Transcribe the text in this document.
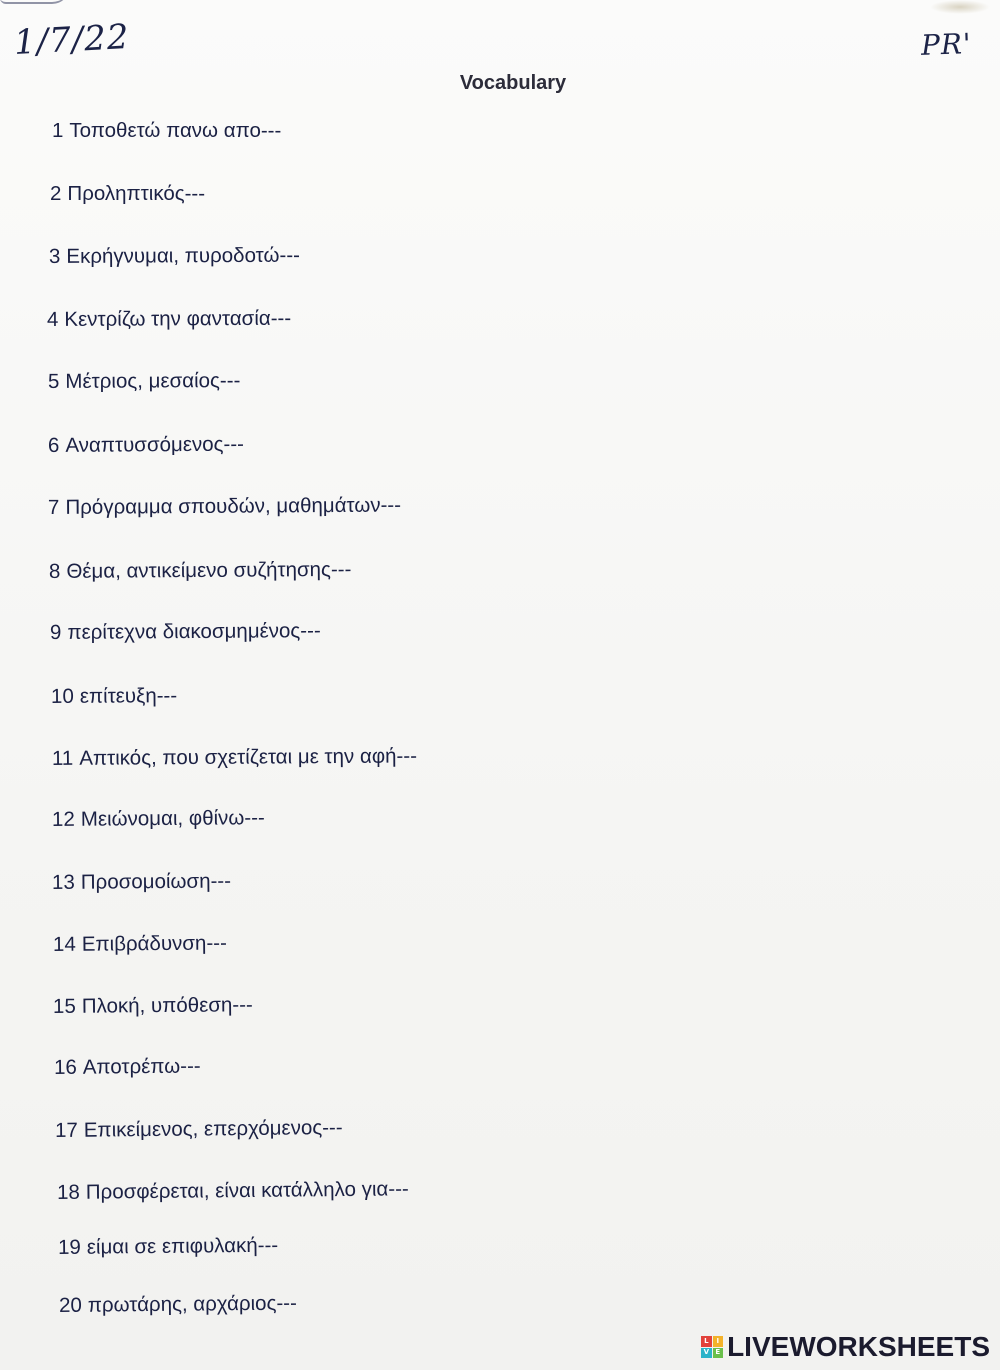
1/7/22	PR'
Vocabulary
1 Τοποθετώ πανω απο---
2 Προληπτικός---
3 Εκρήγνυμαι, πυροδοτώ---
4 Κεντρίζω την φαντασία---
5 Μέτριος, μεσαίος---
6 Αναπτυσσόμενος---
7 Πρόγραμμα σπουδών, μαθημάτων---
8 Θέμα, αντικείμενο συζήτησης---
9 περίτεχνα διακοσμημένος---
10 επίτευξη---
11 Απτικός, που σχετίζεται με την αφή---
12 Μειώνομαι, φθίνω---
13 Προσομοίωση---
14 Επιβράδυνση---
15 Πλοκή, υπόθεση---
16 Αποτρέπω---
17 Επικείμενος, επερχόμενος---
18 Προσφέρεται, είναι κατάλληλο για---
19 είμαι σε επιφυλακή---
20 πρωτάρης, αρχάριος---
L	I
V E LIVEWORKSHEETS
